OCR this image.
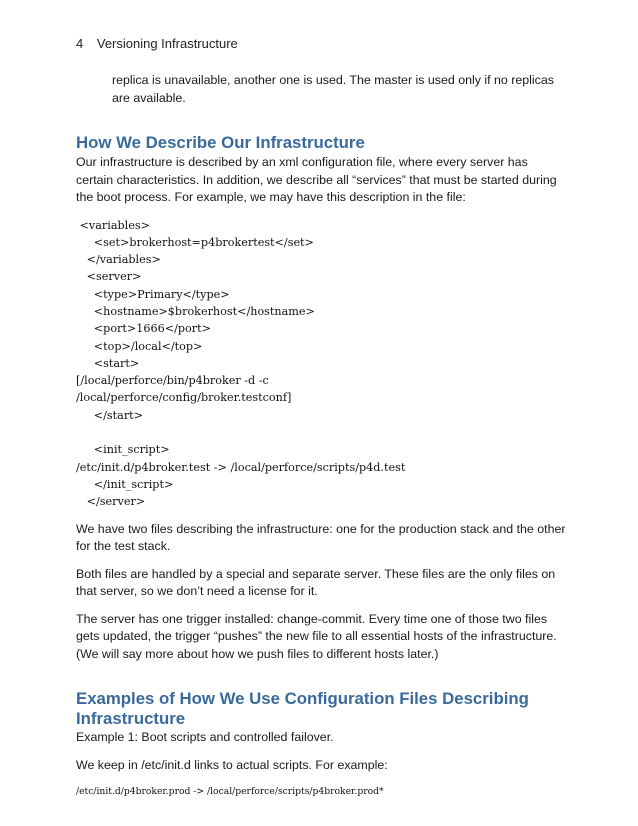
4 Versioning Infrastructure

replica is unavailable, another one is used. The master is used only if no replicas are available.

How We Describe Our Infrastructure

Our infrastructure is described by an xml configuration file, where every server has certain characteristics. In addition, we describe all “services” that must be started during the boot process. For example, we may have this description in the file:

<variables>
<set>brokerhost=p4brokertest</set>
</variables>
<server>
<type>Primary</type>
<hostname>$brokerhost</hostname>
<port>1666</port>
<top>/local</top>
<start>
[/local/perforce/bin/p4broker -d -c
/local/perforce/config/broker.testconf]
</start>
<init_script>
/etc/init.d/p4broker.test -> /local/perforce/scripts/p4d.test
</init_script>
</server>

We have two files describing the infrastructure: one for the production stack and the other for the test stack.

Both files are handled by a special and separate server. These files are the only files on that server, so we don’t need a license for it.

The server has one trigger installed: change-commit. Every time one of those two files gets updated, the trigger “pushes” the new file to all essential hosts of the infrastructure. (We will say more about how we push files to different hosts later.)

Examples of How We Use Configuration Files Describing
Infrastructure

Example 1: Boot scripts and controlled failover.

We keep in /etc/init.d links to actual scripts. For example:

/etc/init.d/p4broker.prod -> /local/perforce/scripts/p4broker.prod*
